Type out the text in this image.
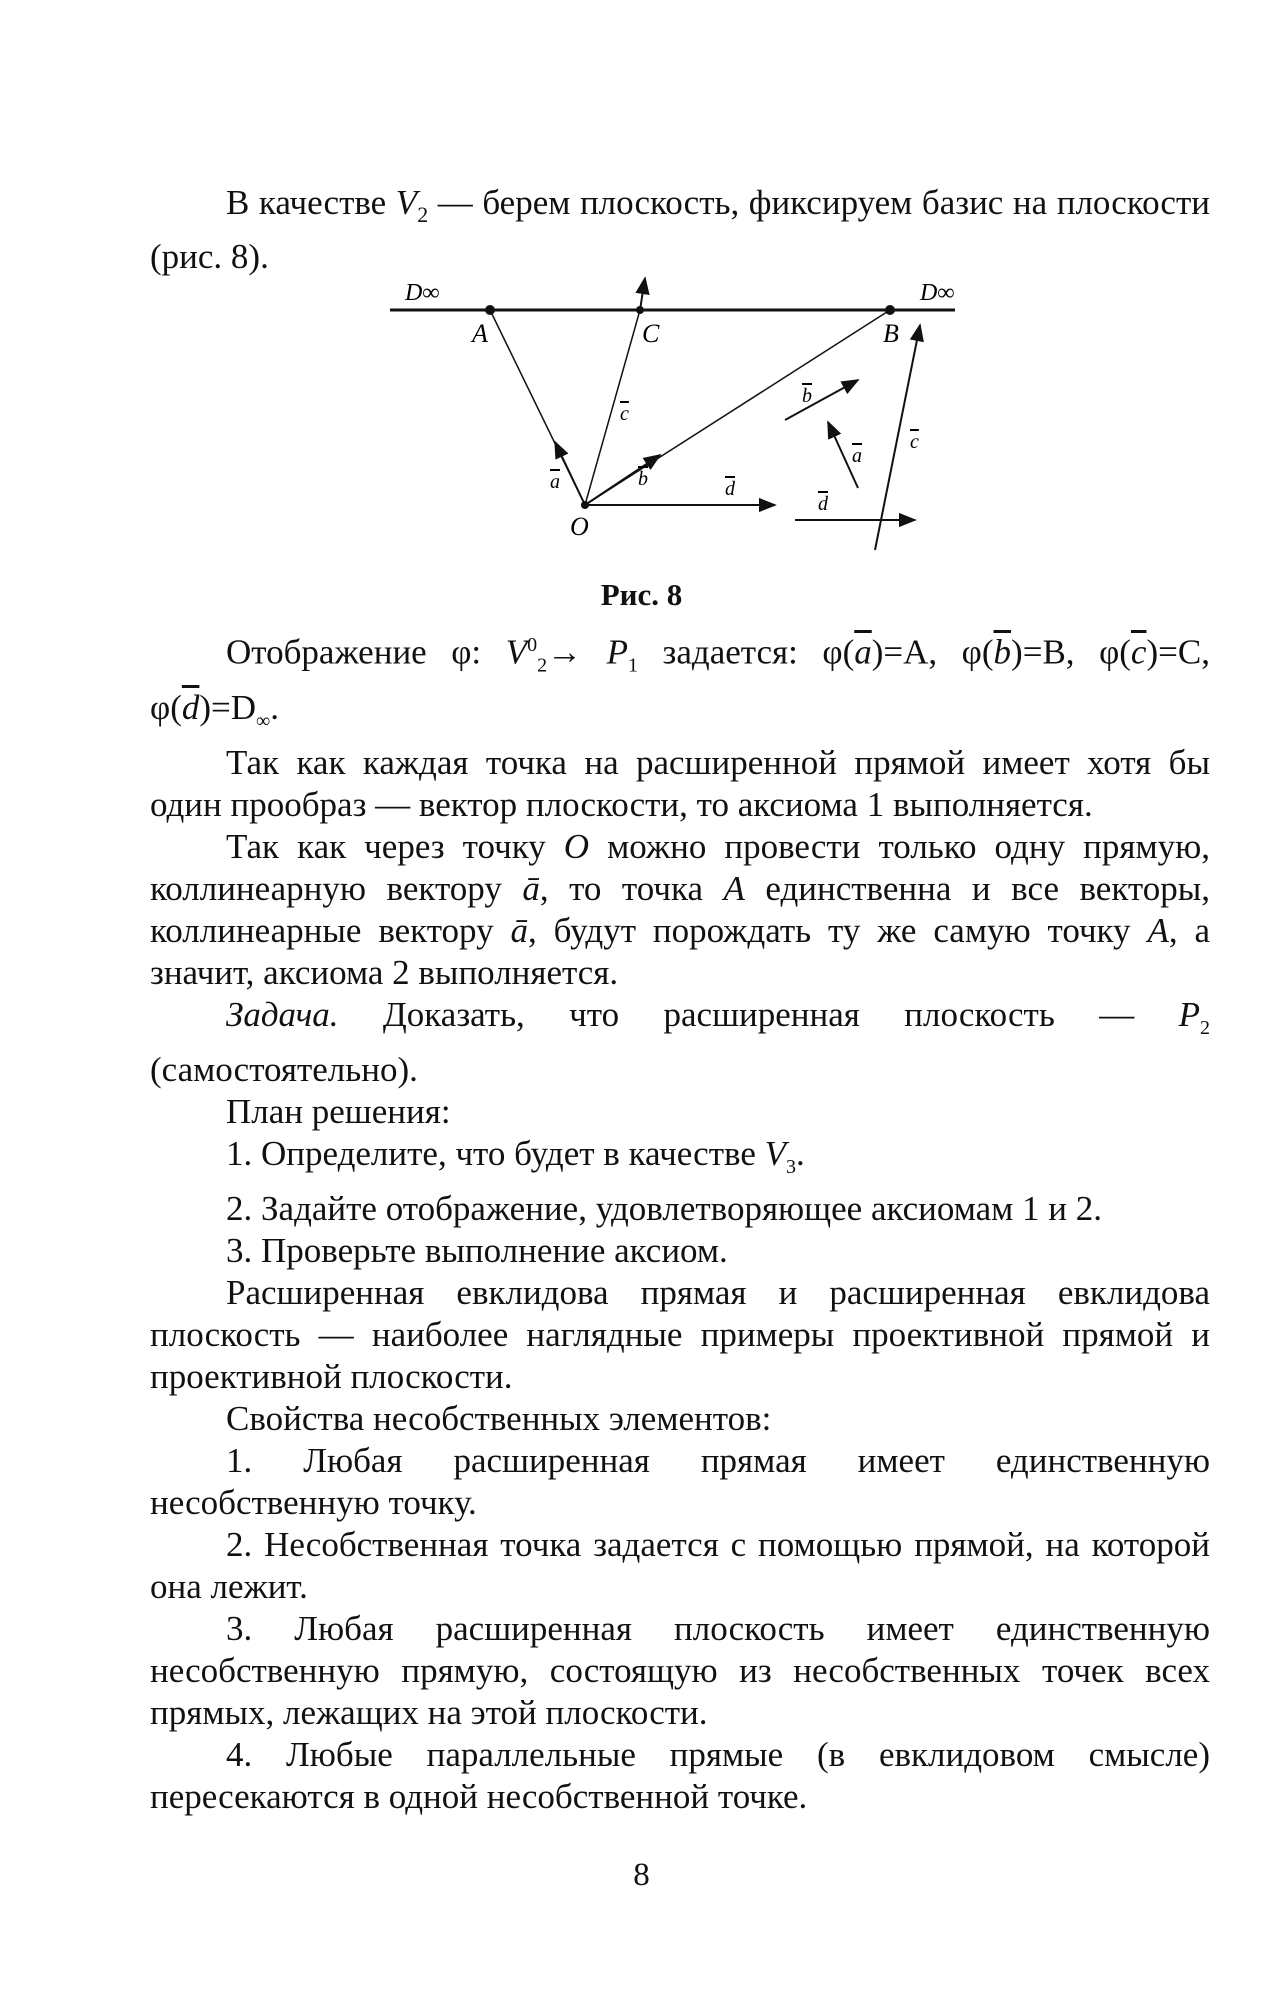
В качестве $V_2$ — берем плоскость, фиксируем базис на плоскости (рис. 8).

D∞	D∞
A	C	B
O
a	b
c
d
b
a
c
d
Рис. 8

Отображение φ: $V^0_2\to P_1$ задается: $\varphi(\overline{a})=A$, $\varphi(\overline{b})=B$, $\varphi(\overline{c})=C$, $\varphi(\overline{d})=D_\infty$.

Так как каждая точка на расширенной прямой имеет хотя бы один прообраз — вектор плоскости, то аксиома 1 выполняется.

Так как через точку O можно провести только одну прямую, коллинеарную вектору ā, то точка A единственна и все векторы, коллинеарные вектору ā, будут порождать ту же самую точку A, а значит, аксиома 2 выполняется.

Задача. Доказать, что расширенная плоскость — $P_2$ (самостоятельно).

План решения:

1. Определите, что будет в качестве $V_3$.

2. Задайте отображение, удовлетворяющее аксиомам 1 и 2.

3. Проверьте выполнение аксиом.

Расширенная евклидова прямая и расширенная евклидова плоскость — наиболее наглядные примеры проективной прямой и проективной плоскости.

Свойства несобственных элементов:

1. Любая расширенная прямая имеет единственную несобственную точку.

2. Несобственная точка задается с помощью прямой, на которой она лежит.

3. Любая расширенная плоскость имеет единственную несобственную прямую, состоящую из несобственных точек всех прямых, лежащих на этой плоскости.

4. Любые параллельные прямые (в евклидовом смысле) пересекаются в одной несобственной точке.

8
